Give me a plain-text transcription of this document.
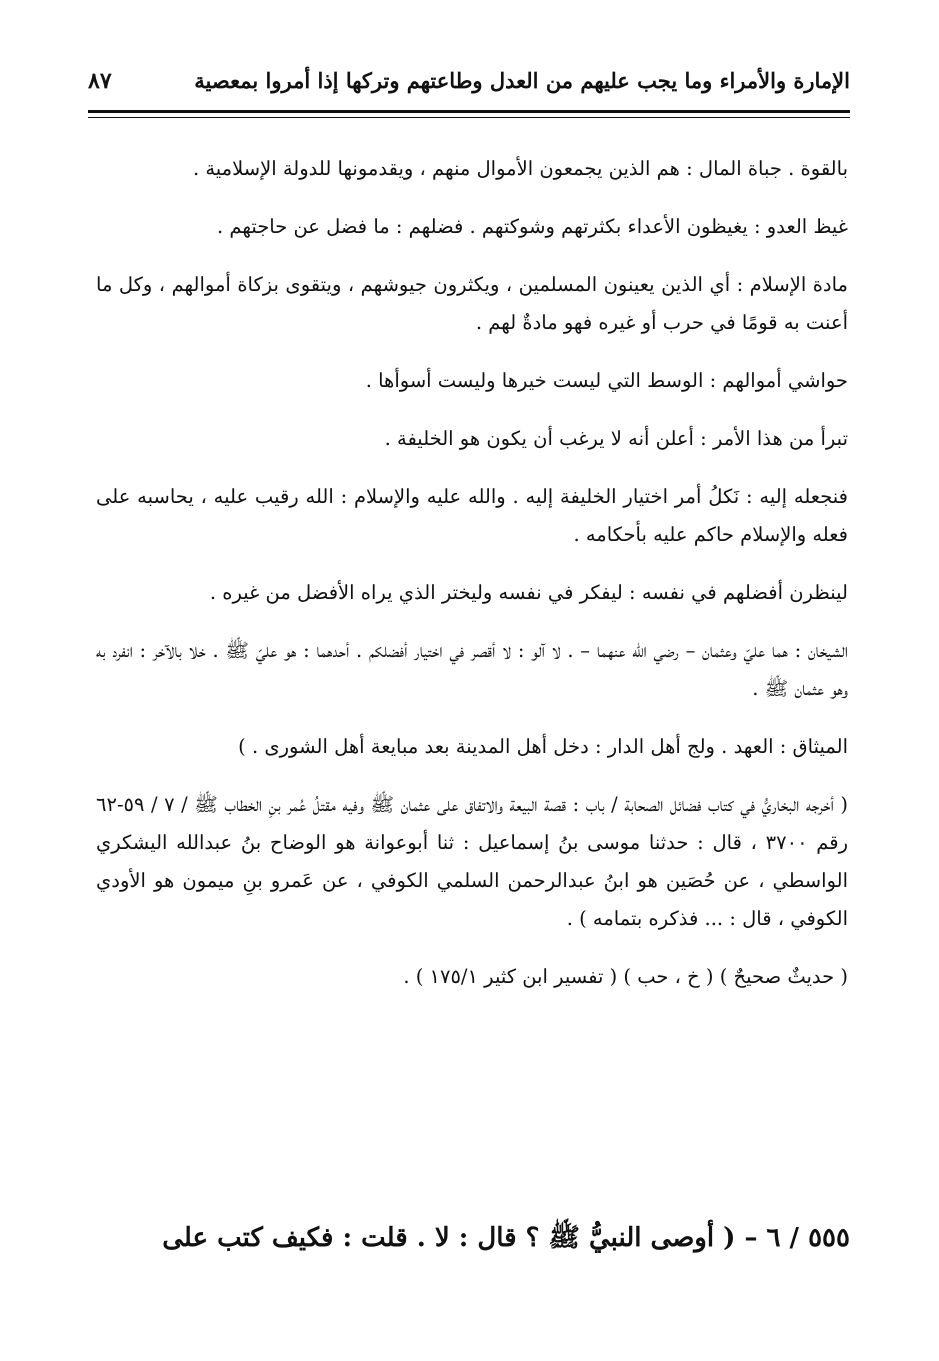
الإمارة والأمراء وما يجب عليهم من العدل وطاعتهم وتركها إذا أمروا بمعصية
٨٧

بالقوة . جباة المال : هم الذين يجمعون الأموال منهم ، ويقدمونها للدولة الإسلامية .

غيظ العدو : يغيظون الأعداء بكثرتهم وشوكتهم . فضلهم : ما فضل عن حاجتهم .

مادة الإسلام : أي الذين يعينون المسلمين ، ويكثرون جيوشهم ، ويتقوى بزكاة أموالهم ، وكل ما أعنت به قومًا في حرب أو غيره فهو مادةٌ لهم .

حواشي أموالهم : الوسط التي ليست خيرها وليست أسوأها .

تبرأ من هذا الأمر : أعلن أنه لا يرغب أن يكون هو الخليفة .

فنجعله إليه : نَكلُ أمر اختيار الخليفة إليه . والله عليه والإسلام : الله رقيب عليه ، يحاسبه على فعله والإسلام حاكم عليه بأحكامه .

لينظرن أفضلهم في نفسه : ليفكر في نفسه وليختر الذي يراه الأفضل من غيره .

الشيخان : هما عليّ وعثمان – رضي الله عنهما – . لا آلو : لا أقصر في اختيار أفضلكم . أحدهما : هو عليّ ﷺ . خلا بالآخر : انفرد به وهو عثمان ﷺ .

الميثاق : العهد . ولج أهل الدار : دخل أهل المدينة بعد مبايعة أهل الشورى . )

( أخرجه البخاريُّ في كتاب فضائل الصحابة / باب : قصة البيعة والاتفاق على عثمان ﷺ وفيه مقتلُ عُمر بنِ الخطاب ﷺ / ٧ / ٥٩-٦٢ رقم ٣٧٠٠ ، قال : حدثنا موسى بنُ إسماعيل : ثنا أبوعوانة هو الوضاح بنُ عبدالله اليشكري الواسطي ، عن حُصَين هو ابنُ عبدالرحمن السلمي الكوفي ، عن عَمرو بنِ ميمون هو الأودي الكوفي ، قال : ... فذكره بتمامه ) .

( حديثٌ صحيحٌ ) ( خ ، حب ) ( تفسير ابن كثير ١٧٥/١ ) .

٥٥٥ / ٦ – ( أوصى النبيُّ ﷺ ؟ قال : لا . قلت : فكيف كتب على
